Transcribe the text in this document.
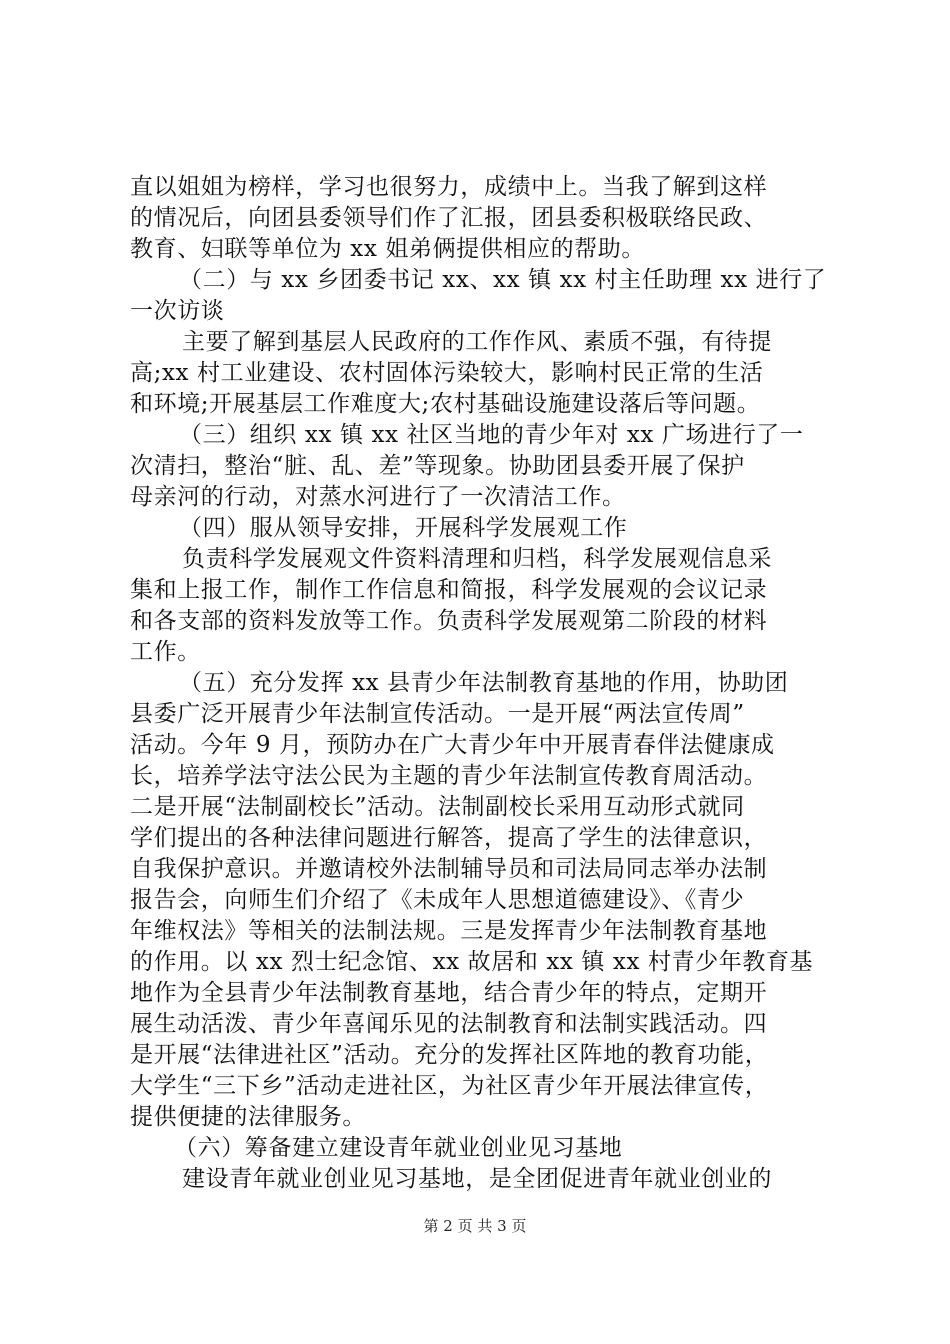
直以姐姐为榜样，学习也很努力，成绩中上。当我了解到这样
的情况后，向团县委领导们作了汇报，团县委积极联络民政、
教育、妇联等单位为 xx 姐弟俩提供相应的帮助。
（二）与 xx 乡团委书记 xx、xx 镇 xx 村主任助理 xx 进行了
一次访谈
主要了解到基层人民政府的工作作风、素质不强，有待提
高;xx 村工业建设、农村固体污染较大，影响村民正常的生活
和环境;开展基层工作难度大;农村基础设施建设落后等问题。
（三）组织 xx 镇 xx 社区当地的青少年对 xx 广场进行了一
次清扫，整治“脏、乱、差”等现象。协助团县委开展了保护
母亲河的行动，对蒸水河进行了一次清洁工作。
（四）服从领导安排，开展科学发展观工作
负责科学发展观文件资料清理和归档，科学发展观信息采
集和上报工作，制作工作信息和简报，科学发展观的会议记录
和各支部的资料发放等工作。负责科学发展观第二阶段的材料
工作。
（五）充分发挥 xx 县青少年法制教育基地的作用，协助团
县委广泛开展青少年法制宣传活动。一是开展“两法宣传周”
活动。今年 9 月，预防办在广大青少年中开展青春伴法健康成
长，培养学法守法公民为主题的青少年法制宣传教育周活动。
二是开展“法制副校长”活动。法制副校长采用互动形式就同
学们提出的各种法律问题进行解答，提高了学生的法律意识，
自我保护意识。并邀请校外法制辅导员和司法局同志举办法制
报告会，向师生们介绍了《未成年人思想道德建设》、《青少
年维权法》等相关的法制法规。三是发挥青少年法制教育基地
的作用。以 xx 烈士纪念馆、xx 故居和 xx 镇 xx 村青少年教育基
地作为全县青少年法制教育基地，结合青少年的特点，定期开
展生动活泼、青少年喜闻乐见的法制教育和法制实践活动。四
是开展“法律进社区”活动。充分的发挥社区阵地的教育功能，
大学生“三下乡”活动走进社区，为社区青少年开展法律宣传，
提供便捷的法律服务。
（六）筹备建立建设青年就业创业见习基地
建设青年就业创业见习基地，是全团促进青年就业创业的
第 2 页 共 3 页
